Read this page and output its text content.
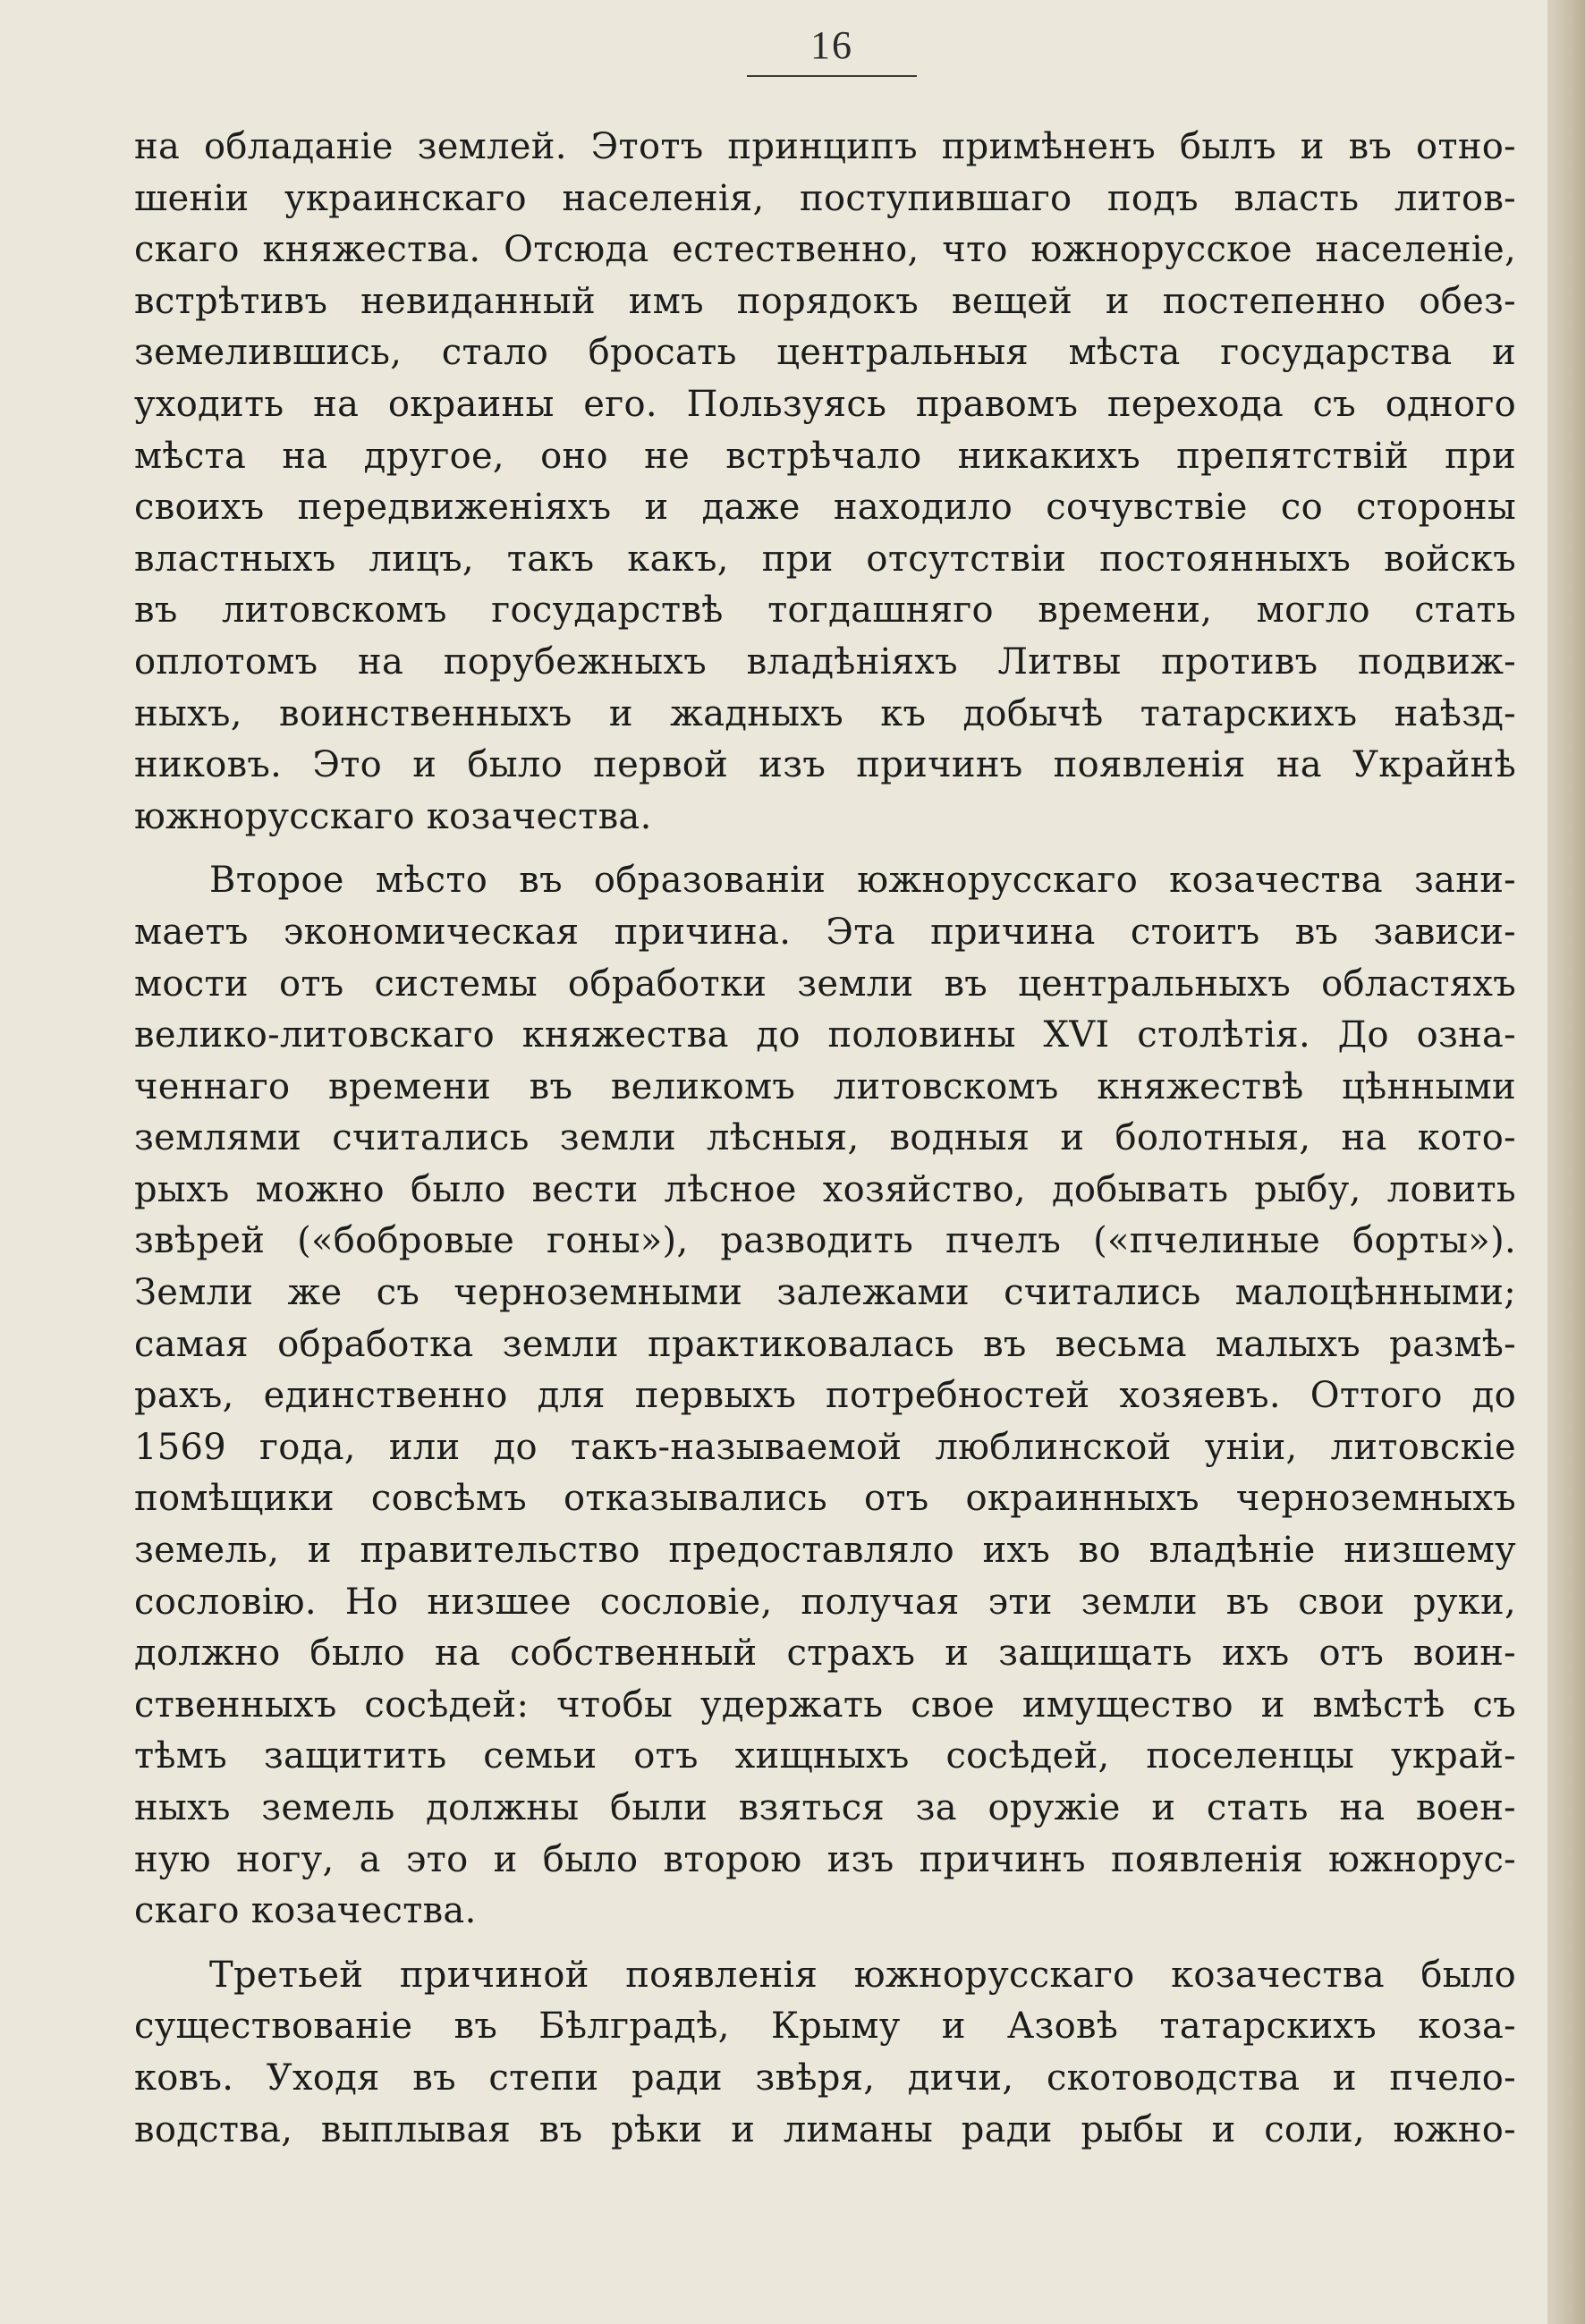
16
на обладаніе землей. Этотъ принципъ примѣненъ былъ и въ отно-
шеніи украинскаго населенія, поступившаго подъ власть литов-
скаго княжества. Отсюда естественно, что южнорусское населеніе,
встрѣтивъ невиданный имъ порядокъ вещей и постепенно обез-
земелившись, стало бросать центральныя мѣста государства и
уходить на окраины его. Пользуясь правомъ перехода съ одного
мѣста на другое, оно не встрѣчало никакихъ препятствій при
своихъ передвиженіяхъ и даже находило сочувствіе со стороны
властныхъ лицъ, такъ какъ, при отсутствіи постоянныхъ войскъ
въ литовскомъ государствѣ тогдашняго времени, могло стать
оплотомъ на порубежныхъ владѣніяхъ Литвы противъ подвиж-
ныхъ, воинственныхъ и жадныхъ къ добычѣ татарскихъ наѣзд-
никовъ. Это и было первой изъ причинъ появленія на Украйнѣ
южнорусскаго козачества.
Второе мѣсто въ образованіи южнорусскаго козачества зани-
маетъ экономическая причина. Эта причина стоитъ въ зависи-
мости отъ системы обработки земли въ центральныхъ областяхъ
велико-литовскаго княжества до половины XVI столѣтія. До озна-
ченнаго времени въ великомъ литовскомъ княжествѣ цѣнными
землями считались земли лѣсныя, водныя и болотныя, на кото-
рыхъ можно было вести лѣсное хозяйство, добывать рыбу, ловить
звѣрей («бобровые гоны»), разводить пчелъ («пчелиные борты»).
Земли же съ черноземными залежами считались малоцѣнными;
самая обработка земли практиковалась въ весьма малыхъ размѣ-
рахъ, единственно для первыхъ потребностей хозяевъ. Оттого до
1569 года, или до такъ-называемой люблинской уніи, литовскіе
помѣщики совсѣмъ отказывались отъ окраинныхъ черноземныхъ
земель, и правительство предоставляло ихъ во владѣніе низшему
сословію. Но низшее сословіе, получая эти земли въ свои руки,
должно было на собственный страхъ и защищать ихъ отъ воин-
ственныхъ сосѣдей: чтобы удержать свое имущество и вмѣстѣ съ
тѣмъ защитить семьи отъ хищныхъ сосѣдей, поселенцы украй-
ныхъ земель должны были взяться за оружіе и стать на воен-
ную ногу, а это и было второю изъ причинъ появленія южнорус-
скаго козачества.
Третьей причиной появленія южнорусскаго козачества было
существованіе въ Бѣлградѣ, Крыму и Азовѣ татарскихъ коза-
ковъ. Уходя въ степи ради звѣря, дичи, скотоводства и пчело-
водства, выплывая въ рѣки и лиманы ради рыбы и соли, южно-
